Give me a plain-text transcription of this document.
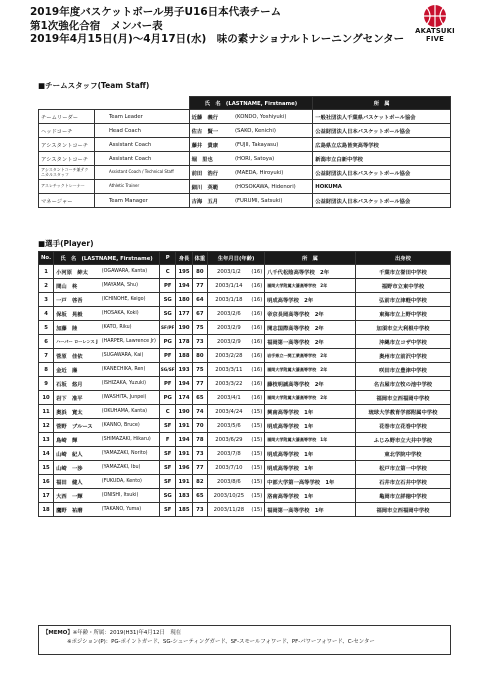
2019年度バスケットボール男子U16日本代表チーム
第1次強化合宿　メンバー表
2019年4月15日(月)～4月17日(水)　味の素ナショナルトレーニングセンター
AKATSUKI
FIVE
■チームスタッフ(Team Staff)
		氏　名　(LASTNAME, Firstname)		所　属
チームリーダー	Team Leader	近藤　義行	(KONDO, Yoshiyuki)	一般社団法人千葉県バスケットボール協会
ヘッドコーチ	Head Coach	佐古　賢一	(SAKO, Kenichi)	公益財団法人日本バスケットボール協会
アシスタントコーチ	Assistant Coach	藤井　貴康	(FUJII, Takayasu)	広島県立広島皆実高等学校
アシスタントコーチ	Assistant Coach	堀　里也	(HORI, Satoya)	新潟市立白新中学校
アシスタントコーチ兼テクニカルスタッフ	Assistant Coach / Technical Staff	前田　浩行	(MAEDA, Hiroyuki)	公益財団法人日本バスケットボール協会
アスレチックトレーナー	Athletic Trainer	細川　英範	(HOSOKAWA, Hidenori)	HOKUMA
マネージャー	Team Manager	古海　五月	(FURUMI, Satsuki)	公益財団法人日本バスケットボール協会
■選手(Player)
No.	氏　名　(LASTNAME, Firstname)		P	身長	体重	生年月日(年齢)		所　属	出身校
1	小河原　紳太	(OGAWARA, Kanta)	C	195	80	2003/1/2	(16)	八千代松陰高等学校　2年	千葉市立誉田中学校
2	間山　柊	(MAYAMA, Shu)	PF	194	77	2003/1/14	(16)	福岡大学附属大濠高等学校　2年	福野市立東中学校
3	一戸　啓吾	(ICHINOHE, Keigo)	SG	180	64	2003/1/18	(16)	明成高等学校　2年	弘前市立津軽中学校
4	保坂　晃毅	(HOSAKA, Koki)	SG	177	67	2003/2/6	(16)	帝京長岡高等学校　2年	東海市立上野中学校
5	加藤　陸	(KATO, Riku)	SF/PF	190	75	2003/2/9	(16)	開志国際高等学校　2年	加須市立大利根中学校
6	ハーパー ローレンス J	(HARPER, Lawrence Jr)	PG	178	73	2003/2/9	(16)	福岡第一高等学校　2年	沖縄市立コザ中学校
7	菅原　佳依	(SUGAWARA, Kai)	PF	188	80	2003/2/28	(16)	岩手県立一関工業高等学校　2年	奥州市立前沢中学校
8	金近　廉	(KANECHIKA, Ren)	SG/SF	193	75	2003/3/11	(16)	福岡大学附属大濠高等学校　2年	咲田市立豊津中学校
9	石坂　悠月	(ISHIZAKA, Yuzuki)	PF	194	77	2003/3/22	(16)	藤枝明誠高等学校　2年	名古屋市立牧の池中学校
10	岩下　准平	(IWASHITA, Junpei)	PG	174	65	2003/4/1	(16)	福岡大学附属大濠高等学校　2年	福岡市立西福岡中学校
11	奥浜　寛太	(OKUHAMA, Kanta)	C	190	74	2003/4/24	(15)	興南高等学校　1年	琉球大学教育学部附属中学校
12	菅野　ブルース	(KANNO, Bruce)	SF	191	70	2003/5/6	(15)	明成高等学校　1年	花巻市立花巻中学校
13	島崎　輝	(SHIMAZAKI, Hikaru)	F	194	78	2003/6/29	(15)	福岡大学附属大濠高等学校　1年	ふじみ野市立大井中学校
14	山崎　紀人	(YAMAZAKI, Norito)	SF	191	73	2003/7/8	(15)	明成高等学校　1年	東北学院中学校
15	山崎　一渉	(YAMAZAKI, Ibu)	SF	196	77	2003/7/10	(15)	明成高等学校　1年	松戸市立第一中学校
16	福田　健人	(FUKUDA, Kento)	SF	191	82	2003/8/6	(15)	中部大学第一高等学校　1年	石井市立石井中学校
17	大西　一輝	(ONISHI, Itsuki)	SG	183	65	2003/10/25	(15)	洛南高等学校　1年	亀岡市立詳徳中学校
18	鷹野　祐磨	(TAKANO, Yuma)	SF	185	73	2003/11/28	(15)	福岡第一高等学校　1年	福岡市立西福岡中学校
【MEMO】※年齢・所属：2019(H31)年4月12日　現在
※ポジション(P)：PG-ポイントガード、SG-シューティングガード、SF-スモールフォワード、PF-パワーフォワード、C-センター
